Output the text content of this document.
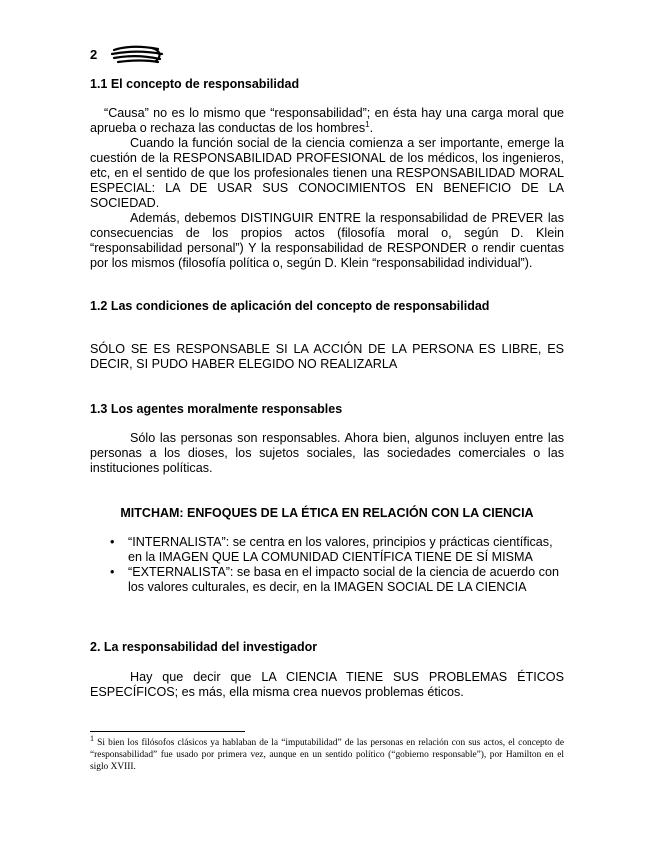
2
1.1 El concepto de responsabilidad
“Causa” no es lo mismo que “responsabilidad”; en ésta hay una carga moral que aprueba o rechaza las conductas de los hombres$^1$.
Cuando la función social de la ciencia comienza a ser importante, emerge la cuestión de la RESPONSABILIDAD PROFESIONAL de los médicos, los ingenieros, etc, en el sentido de que los profesionales tienen una RESPONSABILIDAD MORAL ESPECIAL: LA DE USAR SUS CONOCIMIENTOS EN BENEFICIO DE LA SOCIEDAD.
Además, debemos DISTINGUIR ENTRE la responsabilidad de PREVER las consecuencias de los propios actos (filosofía moral o, según D. Klein “responsabilidad personal”) Y la responsabilidad de RESPONDER o rendir cuentas por los mismos (filosofía política o, según D. Klein “responsabilidad individual”).
1.2 Las condiciones de aplicación del concepto de responsabilidad
SÓLO SE ES RESPONSABLE SI LA ACCIÓN DE LA PERSONA ES LIBRE, ES DECIR, SI PUDO HABER ELEGIDO NO REALIZARLA
1.3 Los agentes moralmente responsables
Sólo las personas son responsables. Ahora bien, algunos incluyen entre las personas a los dioses, los sujetos sociales, las sociedades comerciales o las instituciones políticas.
MITCHAM: ENFOQUES DE LA ÉTICA EN RELACIÓN CON LA CIENCIA
• “INTERNALISTA”: se centra en los valores, principios y prácticas científicas, en la IMAGEN QUE LA COMUNIDAD CIENTÍFICA TIENE DE SÍ MISMA
• “EXTERNALISTA”: se basa en el impacto social de la ciencia de acuerdo con los valores culturales, es decir, en la IMAGEN SOCIAL DE LA CIENCIA
2. La responsabilidad del investigador
Hay que decir que LA CIENCIA TIENE SUS PROBLEMAS ÉTICOS ESPECÍFICOS; es más, ella misma crea nuevos problemas éticos.
$^1$ Si bien los filósofos clásicos ya hablaban de la “imputabilidad” de las personas en relación con sus actos, el concepto de “responsabilidad” fue usado por primera vez, aunque en un sentido político (“gobierno responsable”), por Hamilton en el siglo XVIII.
